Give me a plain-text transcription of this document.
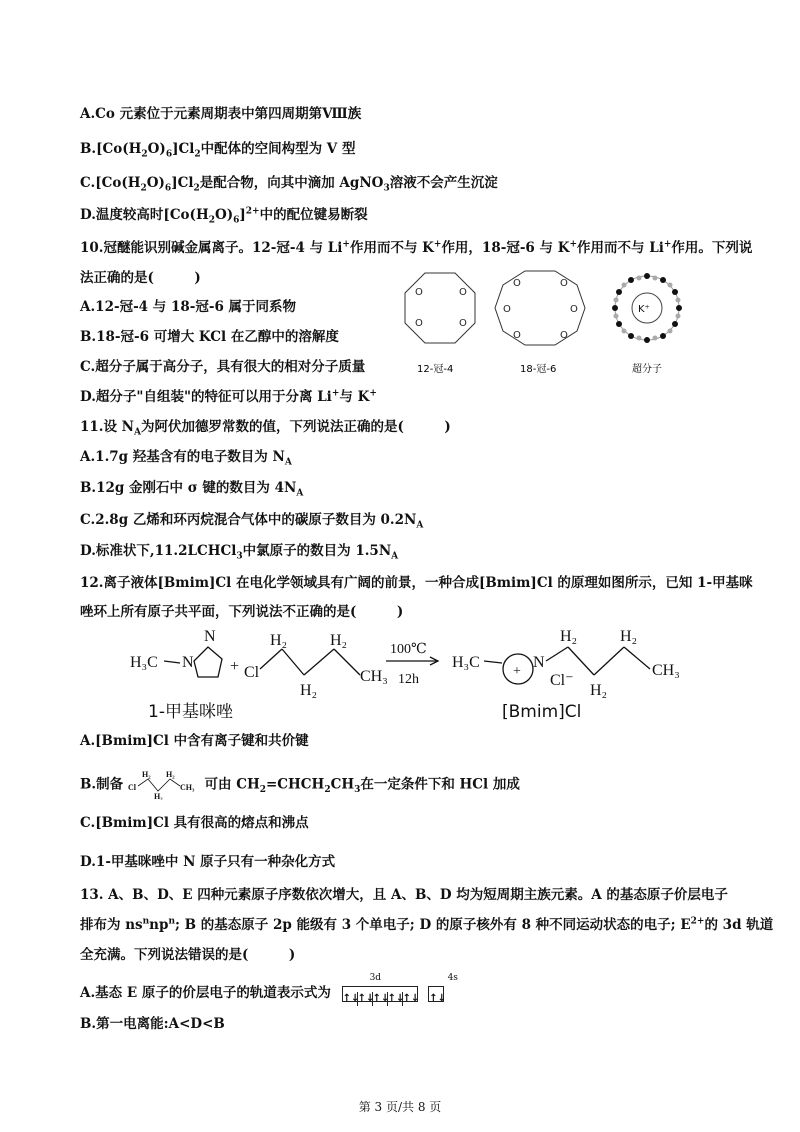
A.Co 元素位于元素周期表中第四周期第Ⅷ族
$B.[Co(H_2O)_6]Cl_2$中配体的空间构型为 V 型
$C.[Co(H_2O)_6]Cl_2$是配合物，向其中滴加 AgNO$_3$溶液不会产生沉淀
D.温度较高时$[Co(H_2O)_6]^{2+}$中的配位键易断裂
10.冠醚能识别碱金属离子。12-冠-4 与 Li+作用而不与 K+作用，18-冠-6 与 K+作用而不与 Li+作用。下列说
法正确的是(　　　)
A.12-冠-4 与 18-冠-6 属于同系物
B.18-冠-6 可增大 KCl 在乙醇中的溶解度
C.超分子属于高分子，具有很大的相对分子质量
D.超分子"自组装"的特征可以用于分离 Li+与 K+
O	O
O	O
12-冠-4
O	O
O	O
O	O
18-冠-6
K⁺
超分子
11.设 $N_A$为阿伏加德罗常数的值，下列说法正确的是(　　　)
A.1.7g 羟基含有的电子数目为 $N_A$
B.12g 金刚石中 σ 键的数目为 $4N_A$
C.2.8g 乙烯和环丙烷混合气体中的碳原子数目为 $0.2N_A$
D.标准状下,11.2LCHCl$_3$中氯原子的数目为 $1.5N_A$
12.离子液体[Bmim]Cl 在电化学领域具有广阔的前景，一种合成[Bmim]Cl 的原理如图所示，已知 1-甲基咪
唑环上所有原子共平面，下列说法不正确的是(　　　)
H₃C N
N
+ Cl
H₂
H₂
H₂
CH₃
100℃
12h
H₃C	N
Cl⁻
H₂
H₂
H₂
CH₃
+
1-甲基咪唑	[Bmim]Cl
A.[Bmim]Cl 中含有离子键和共价键
B.制备 Cl
H₂
H₂
H₂
CH₃ 可由 $CH_2=CHCH_2CH_3$在一定条件下和 HCl 加成
C.[Bmim]Cl 具有很高的熔点和沸点
D.1-甲基咪唑中 N 原子只有一种杂化方式
13. A、B、D、E 四种元素原子序数依次增大，且 A、B、D 均为短周期主族元素。A 的基态原子价层电子
排布为 $ns^nnp^n$; B 的基态原子 2p 能级有 3 个单电子; D 的原子核外有 8 种不同运动状态的电子; $E^{2+}$的 3d 轨道
全充满。下列说法错误的是(　　　)
A.基态 E 原子的价层电子的轨道表示式为
3d	4s
↑↓↑↓↑↓↑↓↑↓ ↑↓
B.第一电离能:A<D<B
第 3 页/共 8 页
